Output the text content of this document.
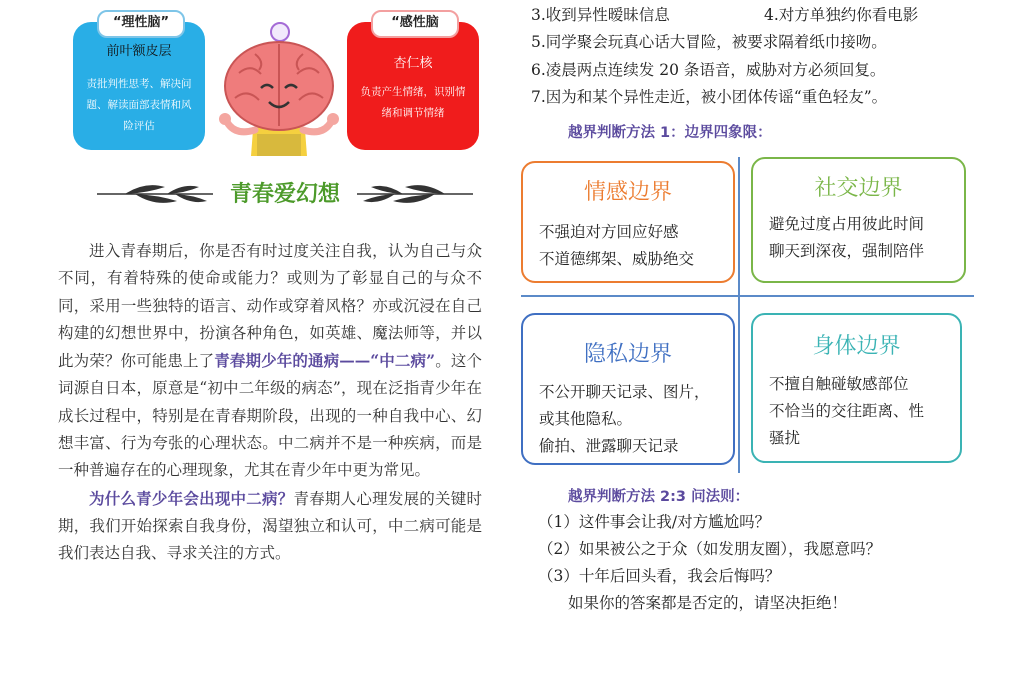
“理性脑”
前叶额皮层
责批判性思考、解决问题、解读面部表情和风险评估
“感性脑
杏仁核
负责产生情绪，识别情绪和调节情绪
青春爱幻想

进入青春期后，你是否有时过度关注自我，认为自己与众不同，有着特殊的使命或能力？或则为了彰显自己的与众不同，采用一些独特的语言、动作或穿着风格？亦或沉浸在自己构建的幻想世界中，扮演各种角色，如英雄、魔法师等，并以此为荣？你可能患上了青春期少年的通病——“中二病”。这个词源自日本，原意是“初中二年级的病态”，现在泛指青少年在成长过程中，特别是在青春期阶段，出现的一种自我中心、幻想丰富、行为夸张的心理状态。中二病并不是一种疾病，而是一种普遍存在的心理现象，尤其在青少年中更为常见。

为什么青少年会出现中二病？青春期人心理发展的关键时期，我们开始探索自我身份，渴望独立和认可，中二病可能是我们表达自我、寻求关注的方式。

3.收到异性暧昧信息	4.对方单独约你看电影
5.同学聚会玩真心话大冒险，被要求隔着纸巾接吻。
6.凌晨两点连续发 20 条语音，威胁对方必须回复。
7.因为和某个异性走近，被小团体传谣“重色轻友”。
越界判断方法 1：边界四象限：
情感边界
不强迫对方回应好感
不道德绑架、威胁绝交
社交边界
避免过度占用彼此时间
聊天到深夜，强制陪伴
隐私边界
不公开聊天记录、图片，
或其他隐私。
偷拍、泄露聊天记录
身体边界
不擅自触碰敏感部位
不恰当的交往距离、性
骚扰
越界判断方法 2:3 问法则：
（1）这件事会让我/对方尴尬吗？
（2）如果被公之于众（如发朋友圈），我愿意吗？
（3）十年后回头看，我会后悔吗？
如果你的答案都是否定的，请坚决拒绝！
